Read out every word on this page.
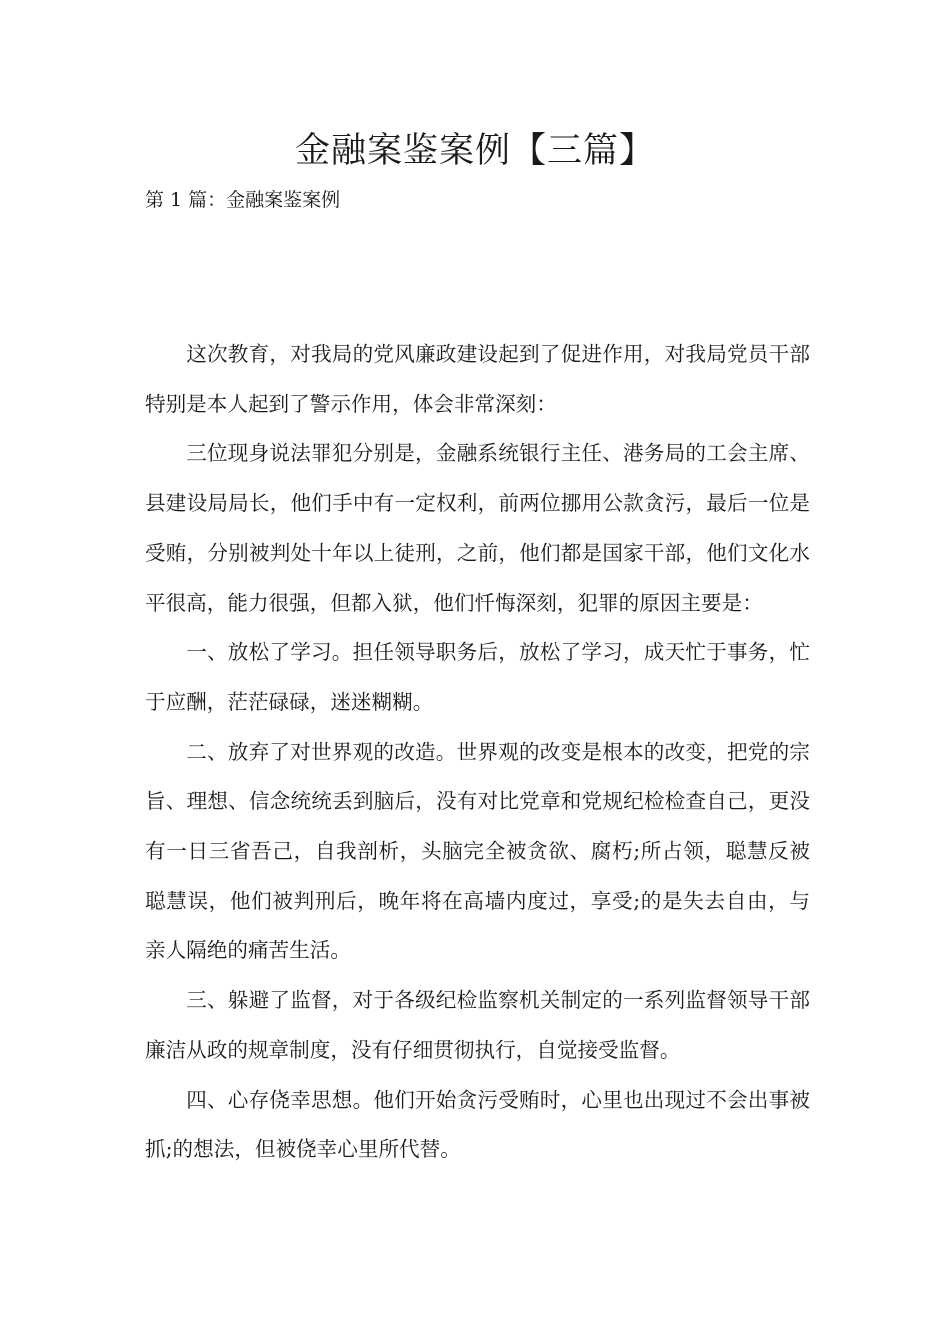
金融案鉴案例【三篇】
第 1 篇：金融案鉴案例

这次教育，对我局的党风廉政建设起到了促进作用，对我局党员干部特别是本人起到了警示作用，体会非常深刻：

三位现身说法罪犯分别是，金融系统银行主任、港务局的工会主席、县建设局局长，他们手中有一定权利，前两位挪用公款贪污，最后一位是受贿，分别被判处十年以上徒刑，之前，他们都是国家干部，他们文化水平很高，能力很强，但都入狱，他们忏悔深刻，犯罪的原因主要是：

一、放松了学习。担任领导职务后，放松了学习，成天忙于事务，忙于应酬，茫茫碌碌，迷迷糊糊。

二、放弃了对世界观的改造。世界观的改变是根本的改变，把党的宗旨、理想、信念统统丢到脑后，没有对比党章和党规纪检检查自己，更没有一日三省吾己，自我剖析，头脑完全被贪欲、腐朽;所占领，聪慧反被聪慧误，他们被判刑后，晚年将在高墙内度过，享受;的是失去自由，与亲人隔绝的痛苦生活。

三、躲避了监督，对于各级纪检监察机关制定的一系列监督领导干部廉洁从政的规章制度，没有仔细贯彻执行，自觉接受监督。

四、心存侥幸思想。他们开始贪污受贿时，心里也出现过不会出事被抓;的想法，但被侥幸心里所代替。
